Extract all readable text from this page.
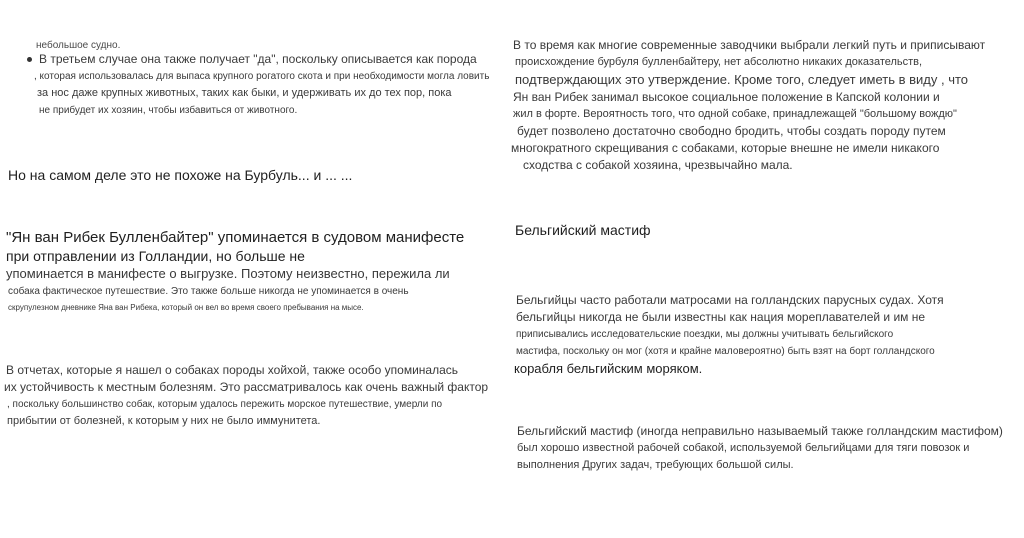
небольшое судно.
В третьем случае она также получает "да", поскольку описывается как порода
, которая использовалась для выпаса крупного рогатого скота и при необходимости могла ловить
за нос даже крупных животных, таких как быки, и удерживать их до тех пор, пока
не прибудет их хозяин, чтобы избавиться от животного.
Но на самом деле это не похоже на Бурбуль... и ... ...
"Ян ван Рибек Булленбайтер" упоминается в судовом манифесте
при отправлении из Голландии, но больше не
упоминается в манифесте о выгрузке. Поэтому неизвестно, пережила ли
собака фактическое путешествие. Это также больше никогда не упоминается в очень
скрупулезном дневнике Яна ван Рибека, который он вел во время своего пребывания на мысе.
В отчетах, которые я нашел о собаках породы хойхой, также особо упоминалась
их устойчивость к местным болезням. Это рассматривалось как очень важный фактор
, поскольку большинство собак, которым удалось пережить морское путешествие, умерли по
прибытии от болезней, к которым у них не было иммунитета.
В то время как многие современные заводчики выбрали легкий путь и приписывают
происхождение бурбуля булленбайтеру, нет абсолютно никаких доказательств,
подтверждающих это утверждение. Кроме того, следует иметь в виду , что
Ян ван Рибек занимал высокое социальное положение в Капской колонии и
жил в форте. Вероятность того, что одной собаке, принадлежащей "большому вождю"
будет позволено достаточно свободно бродить, чтобы создать породу путем
многократного скрещивания с собаками, которые внешне не имели никакого
сходства с собакой хозяина, чрезвычайно мала.
Бельгийский мастиф
Бельгийцы часто работали матросами на голландских парусных судах. Хотя
бельгийцы никогда не были известны как нация мореплавателей и им не
приписывались исследовательские поездки, мы должны учитывать бельгийского
мастифа, поскольку он мог (хотя и крайне маловероятно) быть взят на борт голландского
корабля бельгийским моряком.
Бельгийский мастиф (иногда неправильно называемый также голландским мастифом)
был хорошо известной рабочей собакой, используемой бельгийцами для тяги повозок и
выполнения Других задач, требующих большой силы.
